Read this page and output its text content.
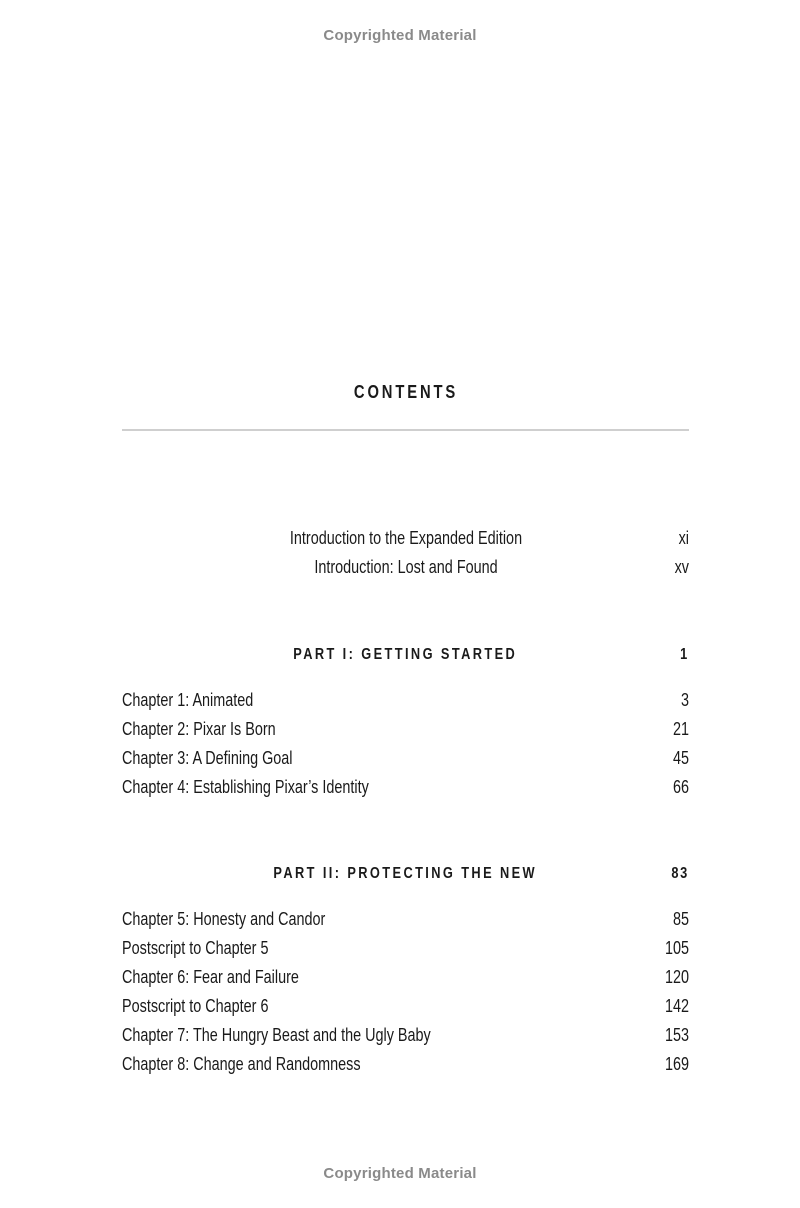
Copyrighted Material
CONTENTS
Introduction to the Expanded Edition	xi
Introduction: Lost and Found	xv
PART I: GETTING STARTED	1
Chapter 1: Animated	3
Chapter 2: Pixar Is Born	21
Chapter 3: A Defining Goal	45
Chapter 4: Establishing Pixar’s Identity	66
PART II: PROTECTING THE NEW	83
Chapter 5: Honesty and Candor	85
Postscript to Chapter 5	105
Chapter 6: Fear and Failure	120
Postscript to Chapter 6	142
Chapter 7: The Hungry Beast and the Ugly Baby	153
Chapter 8: Change and Randomness	169
Copyrighted Material
